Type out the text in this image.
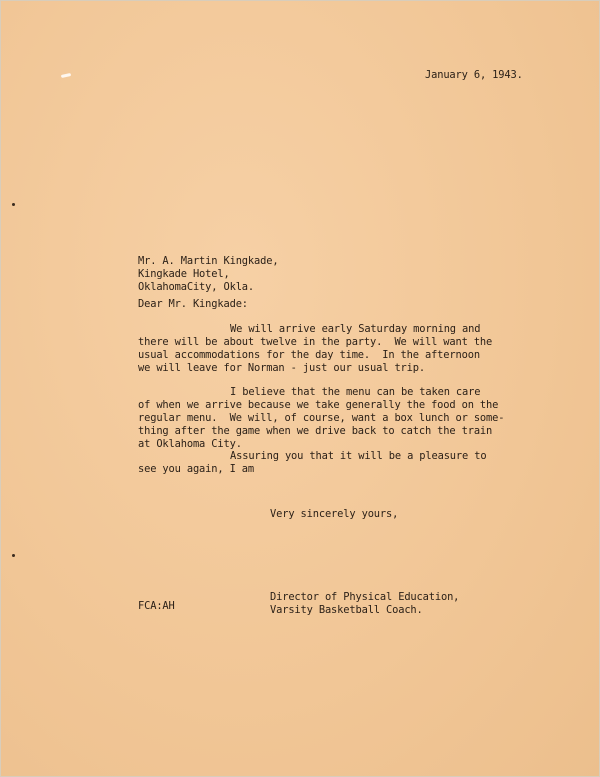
January 6, 1943.
Mr. A. Martin Kingkade,
Kingkade Hotel,
OklahomaCity, Okla.
Dear Mr. Kingkade:
We will arrive early Saturday morning and
there will be about twelve in the party.  We will want the
usual accommodations for the day time.  In the afternoon
we will leave for Norman - just our usual trip.
I believe that the menu can be taken care
of when we arrive because we take generally the food on the
regular menu.  We will, of course, want a box lunch or some-
thing after the game when we drive back to catch the train
at Oklahoma City.
Assuring you that it will be a pleasure to
see you again, I am
Very sincerely yours,
Director of Physical Education,
Varsity Basketball Coach.
FCA:AH
